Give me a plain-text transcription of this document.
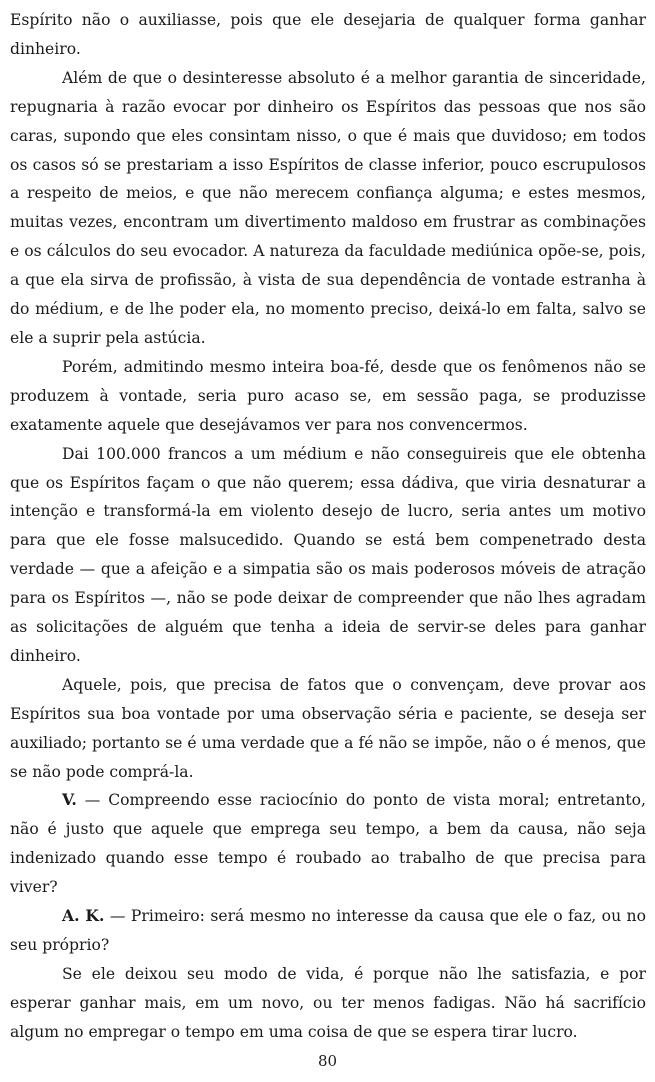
Espírito não o auxiliasse, pois que ele desejaria de qualquer forma ganhar dinheiro.

Além de que o desinteresse absoluto é a melhor garantia de sinceridade, repugnaria à razão evocar por dinheiro os Espíritos das pessoas que nos são caras, supondo que eles consintam nisso, o que é mais que duvidoso; em todos os casos só se prestariam a isso Espíritos de classe inferior, pouco escrupulosos a respeito de meios, e que não merecem confiança alguma; e estes mesmos, muitas vezes, encontram um divertimento maldoso em frustrar as combinações e os cálculos do seu evocador. A natureza da faculdade mediúnica opõe-se, pois, a que ela sirva de profissão, à vista de sua dependência de vontade estranha à do médium, e de lhe poder ela, no momento preciso, deixá-lo em falta, salvo se ele a suprir pela astúcia.

Porém, admitindo mesmo inteira boa-fé, desde que os fenômenos não se produzem à vontade, seria puro acaso se, em sessão paga, se produzisse exatamente aquele que desejávamos ver para nos convencermos.

Dai 100.000 francos a um médium e não conseguireis que ele obtenha que os Espíritos façam o que não querem; essa dádiva, que viria desnaturar a intenção e transformá-la em violento desejo de lucro, seria antes um motivo para que ele fosse malsucedido. Quando se está bem compenetrado desta verdade — que a afeição e a simpatia são os mais poderosos móveis de atração para os Espíritos —, não se pode deixar de compreender que não lhes agradam as solicitações de alguém que tenha a ideia de servir-se deles para ganhar dinheiro.

Aquele, pois, que precisa de fatos que o convençam, deve provar aos Espíritos sua boa vontade por uma observação séria e paciente, se deseja ser auxiliado; portanto se é uma verdade que a fé não se impõe, não o é menos, que se não pode comprá-la.

V. — Compreendo esse raciocínio do ponto de vista moral; entretanto, não é justo que aquele que emprega seu tempo, a bem da causa, não seja indenizado quando esse tempo é roubado ao trabalho de que precisa para viver?

A. K. — Primeiro: será mesmo no interesse da causa que ele o faz, ou no seu próprio?

Se ele deixou seu modo de vida, é porque não lhe satisfazia, e por esperar ganhar mais, em um novo, ou ter menos fadigas. Não há sacrifício algum no empregar o tempo em uma coisa de que se espera tirar lucro.

80
